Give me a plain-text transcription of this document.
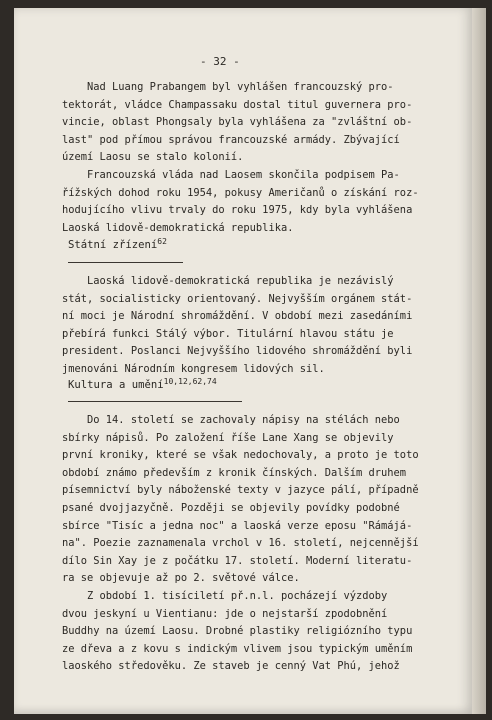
- 32 -

Nad Luang Prabangem byl vyhlášen francouzský pro-
tektorát, vládce Champassaku dostal titul guvernera pro-
vincie, oblast Phongsaly byla vyhlášena za "zvláštní ob-
last" pod přímou správou francouzské armády. Zbývající
území Laosu se stalo kolonií.
Francouzská vláda nad Laosem skončila podpisem Pa-
řížských dohod roku 1954, pokusy Američanů o získání roz-
hodujícího vlivu trvaly do roku 1975, kdy byla vyhlášena
Laoská lidově-demokratická republika.

Státní zřízení$^{62}$

Laoská lidově-demokratická republika je nezávislý
stát, socialisticky orientovaný. Nejvyšším orgánem stát-
ní moci je Národní shromáždění. V období mezi zasedáními
přebírá funkci Stálý výbor. Titulární hlavou státu je
president. Poslanci Nejvyššího lidového shromáždění byli
jmenováni Národním kongresem lidových sil.

Kultura a umění$^{10,12,62,74}$

Do 14. století se zachovaly nápisy na stélách nebo
sbírky nápisů. Po založení říše Lane Xang se objevily
první kroniky, které se však nedochovaly, a proto je toto
období známo především z kronik čínských. Dalším druhem
písemnictví byly náboženské texty v jazyce pálí, případně
psané dvojjazyčně. Později se objevily povídky podobné
sbírce "Tisíc a jedna noc" a laoská verze eposu "Rámájá-
na". Poezie zaznamenala vrchol v 16. století, nejcennější
dílo Sin Xay je z počátku 17. století. Moderní literatu-
ra se objevuje až po 2. světové válce.
Z období 1. tisíciletí př.n.l. pocházejí výzdoby
dvou jeskyní u Vientianu: jde o nejstarší zpodobnění
Buddhy na území Laosu. Drobné plastiky religiózního typu
ze dřeva a z kovu s indickým vlivem jsou typickým uměním
laoského středověku. Ze staveb je cenný Vat Phú, jehož
